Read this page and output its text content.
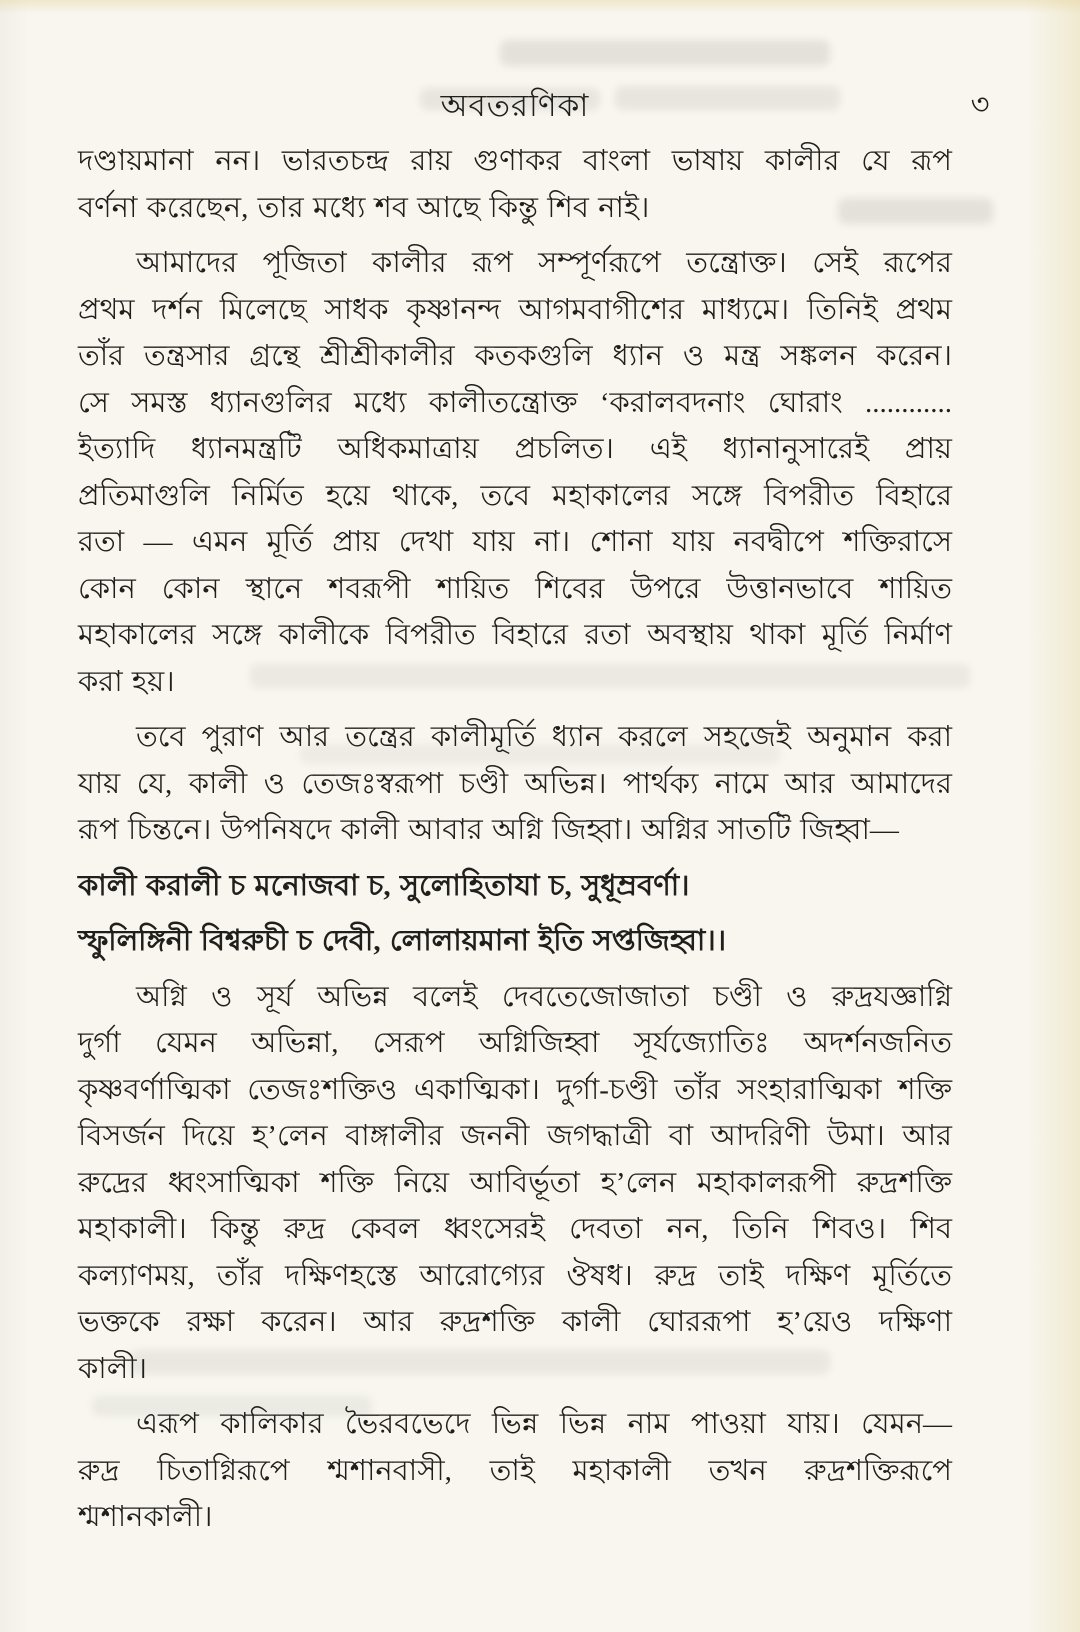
অবতরণিকা	৩
দণ্ডায়মানা নন। ভারতচন্দ্র রায় গুণাকর বাংলা ভাষায় কালীর যে রূপ
বর্ণনা করেছেন, তার মধ্যে শব আছে কিন্তু শিব নাই।
আমাদের পূজিতা কালীর রূপ সম্পূর্ণরূপে তন্ত্রোক্ত। সেই রূপের
প্রথম দর্শন মিলেছে সাধক কৃষ্ণানন্দ আগমবাগীশের মাধ্যমে। তিনিই প্রথম
তাঁর তন্ত্রসার গ্রন্থে শ্রীশ্রীকালীর কতকগুলি ধ্যান ও মন্ত্র সঙ্কলন করেন।
সে সমস্ত ধ্যানগুলির মধ্যে কালীতন্ত্রোক্ত ‘করালবদনাং ঘোরাং ............
ইত্যাদি ধ্যানমন্ত্রটি অধিকমাত্রায় প্রচলিত। এই ধ্যানানুসারেই প্রায়
প্রতিমাগুলি নির্মিত হয়ে থাকে, তবে মহাকালের সঙ্গে বিপরীত বিহারে
রতা — এমন মূর্তি প্রায় দেখা যায় না। শোনা যায় নবদ্বীপে শক্তিরাসে
কোন কোন স্থানে শবরূপী শায়িত শিবের উপরে উত্তানভাবে শায়িত
মহাকালের সঙ্গে কালীকে বিপরীত বিহারে রতা অবস্থায় থাকা মূর্তি নির্মাণ
করা হয়।
তবে পুরাণ আর তন্ত্রের কালীমূর্তি ধ্যান করলে সহজেই অনুমান করা
যায় যে, কালী ও তেজঃস্বরূপা চণ্ডী অভিন্ন। পার্থক্য নামে আর আমাদের
রূপ চিন্তনে। উপনিষদে কালী আবার অগ্নি জিহ্বা। অগ্নির সাতটি জিহ্বা—
কালী করালী চ মনোজবা চ, সুলোহিতাযা চ, সুধূম্রবর্ণা।
স্ফুলিঙ্গিনী বিশ্বরুচী চ দেবী, লোলায়মানা ইতি সপ্তজিহ্বা।।
অগ্নি ও সূর্য অভিন্ন বলেই দেবতেজোজাতা চণ্ডী ও রুদ্রযজ্ঞাগ্নি
দুর্গা যেমন অভিন্না, সেরূপ অগ্নিজিহ্বা সূর্যজ্যোতিঃ অদর্শনজনিত
কৃষ্ণবর্ণাত্মিকা তেজঃশক্তিও একাত্মিকা। দুর্গা-চণ্ডী তাঁর সংহারাত্মিকা শক্তি
বিসর্জন দিয়ে হ’লেন বাঙ্গালীর জননী জগদ্ধাত্রী বা আদরিণী উমা। আর
রুদ্রের ধ্বংসাত্মিকা শক্তি নিয়ে আবির্ভূতা হ’লেন মহাকালরূপী রুদ্রশক্তি
মহাকালী। কিন্তু রুদ্র কেবল ধ্বংসেরই দেবতা নন, তিনি শিবও। শিব
কল্যাণময়, তাঁর দক্ষিণহস্তে আরোগ্যের ঔষধ। রুদ্র তাই দক্ষিণ মূর্তিতে
ভক্তকে রক্ষা করেন। আর রুদ্রশক্তি কালী ঘোররূপা হ’য়েও দক্ষিণা
কালী।
এরূপ কালিকার ভৈরবভেদে ভিন্ন ভিন্ন নাম পাওয়া যায়। যেমন—
রুদ্র চিতাগ্নিরূপে শ্মশানবাসী, তাই মহাকালী তখন রুদ্রশক্তিরূপে
শ্মশানকালী।
